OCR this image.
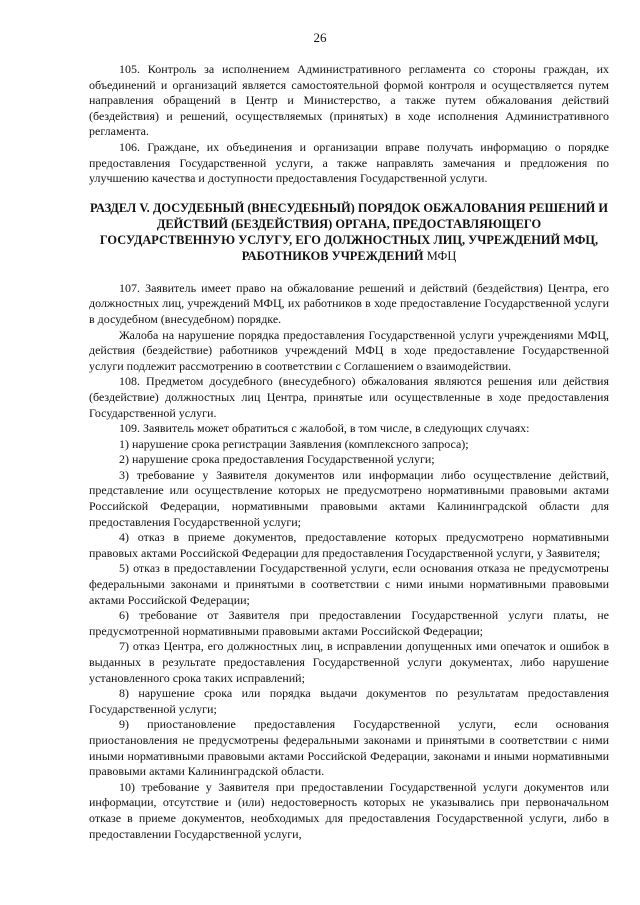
26

105. Контроль за исполнением Административного регламента со стороны граждан, их объединений и организаций является самостоятельной формой контроля и осуществляется путем направления обращений в Центр и Министерство, а также путем обжалования действий (бездействия) и решений, осуществляемых (принятых) в ходе исполнения Административного регламента.

106. Граждане, их объединения и организации вправе получать информацию о порядке предоставления Государственной услуги, а также направлять замечания и предложения по улучшению качества и доступности предоставления Государственной услуги.

РАЗДЕЛ V. ДОСУДЕБНЫЙ (ВНЕСУДЕБНЫЙ) ПОРЯДОК ОБЖАЛОВАНИЯ РЕШЕНИЙ И ДЕЙСТВИЙ (БЕЗДЕЙСТВИЯ) ОРГАНА, ПРЕДОСТАВЛЯЮЩЕГО ГОСУДАРСТВЕННУЮ УСЛУГУ, ЕГО ДОЛЖНОСТНЫХ ЛИЦ, УЧРЕЖДЕНИЙ МФЦ, РАБОТНИКОВ УЧРЕЖДЕНИЙ МФЦ

107. Заявитель имеет право на обжалование решений и действий (бездействия) Центра, его должностных лиц, учреждений МФЦ, их работников в ходе предоставление Государственной услуги в досудебном (внесудебном) порядке.

Жалоба на нарушение порядка предоставления Государственной услуги учреждениями МФЦ, действия (бездействие) работников учреждений МФЦ в ходе предоставление Государственной услуги подлежит рассмотрению в соответствии с Соглашением о взаимодействии.

108. Предметом досудебного (внесудебного) обжалования являются решения или действия (бездействие) должностных лиц Центра, принятые или осуществленные в ходе предоставления Государственной услуги.

109. Заявитель может обратиться с жалобой, в том числе, в следующих случаях:

1) нарушение срока регистрации Заявления (комплексного запроса);

2) нарушение срока предоставления Государственной услуги;

3) требование у Заявителя документов или информации либо осуществление действий, представление или осуществление которых не предусмотрено нормативными правовыми актами Российской Федерации, нормативными правовыми актами Калининградской области для предоставления Государственной услуги;

4) отказ в приеме документов, предоставление которых предусмотрено нормативными правовых актами Российской Федерации для предоставления Государственной услуги, у Заявителя;

5) отказ в предоставлении Государственной услуги, если основания отказа не предусмотрены федеральными законами и принятыми в соответствии с ними иными нормативными правовыми актами Российской Федерации;

6) требование от Заявителя при предоставлении Государственной услуги платы, не предусмотренной нормативными правовыми актами Российской Федерации;

7) отказ Центра, его должностных лиц, в исправлении допущенных ими опечаток и ошибок в выданных в результате предоставления Государственной услуги документах, либо нарушение установленного срока таких исправлений;

8) нарушение срока или порядка выдачи документов по результатам предоставления Государственной услуги;

9) приостановление предоставления Государственной услуги, если основания приостановления не предусмотрены федеральными законами и принятыми в соответствии с ними иными нормативными правовыми актами Российской Федерации, законами и иными нормативными правовыми актами Калининградской области.

10) требование у Заявителя при предоставлении Государственной услуги документов или информации, отсутствие и (или) недостоверность которых не указывались при первоначальном отказе в приеме документов, необходимых для предоставления Государственной услуги, либо в предоставлении Государственной услуги,
